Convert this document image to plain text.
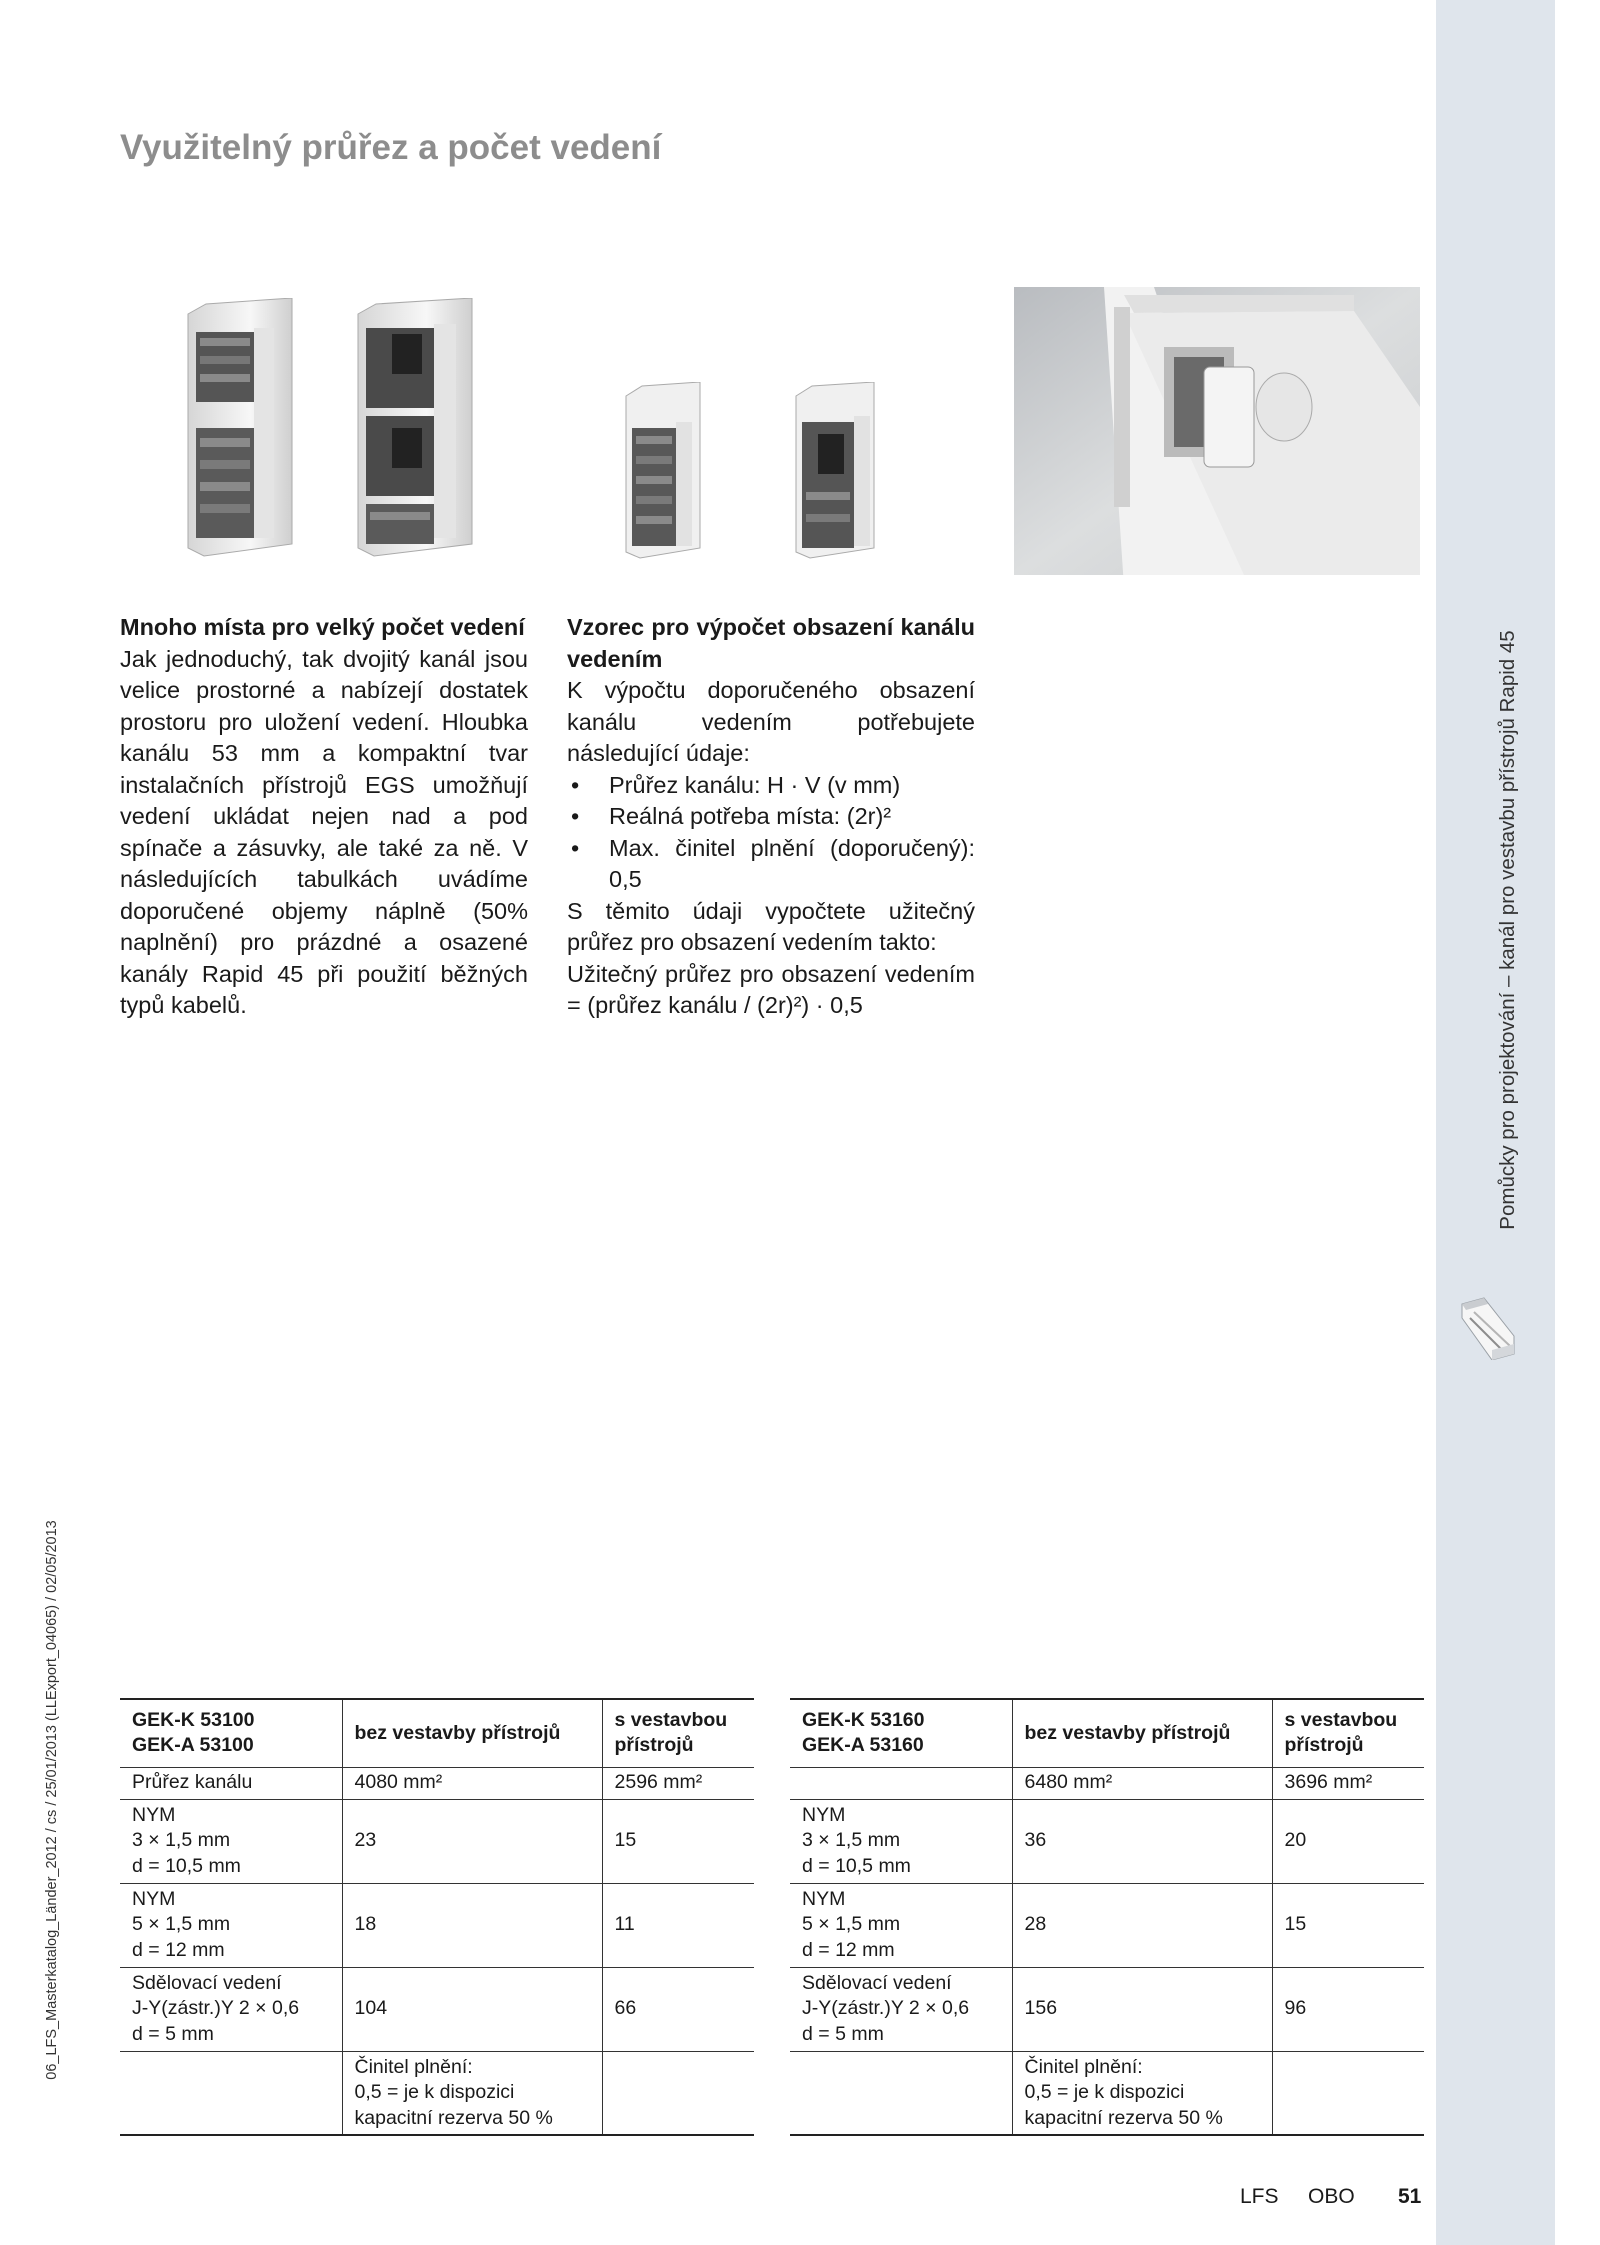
Pomůcky pro projektování – kanál pro vestavbu přístrojů Rapid 45
06_LFS_Masterkatalog_Länder_2012 / cs / 25/01/2013 (LLExport_04065) / 02/05/2013
Využitelný průřez a počet vedení
Mnoho místa pro velký počet vedení

Jak jednoduchý, tak dvojitý kanál jsou velice prostorné a nabízejí dostatek prostoru pro uložení vedení. Hloubka kanálu 53 mm a kompaktní tvar instalačních přístrojů EGS umožňují vedení ukládat nejen nad a pod spínače a zásuvky, ale také za ně. V následujících tabulkách uvádíme doporučené objemy náplně (50% naplnění) pro prázdné a osazené kanály Rapid 45 při použití běžných typů kabelů.

Vzorec pro výpočet obsazení kanálu vedením

K výpočtu doporučeného obsazení kanálu vedením potřebujete následující údaje:

• Průřez kanálu: H · V (v mm)
• Reálná potřeba místa: (2r)²
• Max. činitel plnění (doporučený): 0,5

S těmito údaji vypočtete užitečný průřez pro obsazení vedením takto:

Užitečný průřez pro obsazení vedením = (průřez kanálu / (2r)²) · 0,5

GEK-K 53100
GEK-A 53100	bez vestavby přístrojů	s vestavbou
přístrojů
Průřez kanálu	4080 mm²	2596 mm²
NYM
3 × 1,5 mm
d = 10,5 mm	23	15
NYM
5 × 1,5 mm
d = 12 mm	18	11
Sdělovací vedení
J-Y(zástr.)Y 2 × 0,6
d = 5 mm	104	66
	Činitel plnění:
0,5 = je k dispozici
kapacitní rezerva 50 %	
GEK-K 53160
GEK-A 53160	bez vestavby přístrojů	s vestavbou
přístrojů
	6480 mm²	3696 mm²
NYM
3 × 1,5 mm
d = 10,5 mm	36	20
NYM
5 × 1,5 mm
d = 12 mm	28	15
Sdělovací vedení
J-Y(zástr.)Y 2 × 0,6
d = 5 mm	156	96
	Činitel plnění:
0,5 = je k dispozici
kapacitní rezerva 50 %	
LFS OBO 51
